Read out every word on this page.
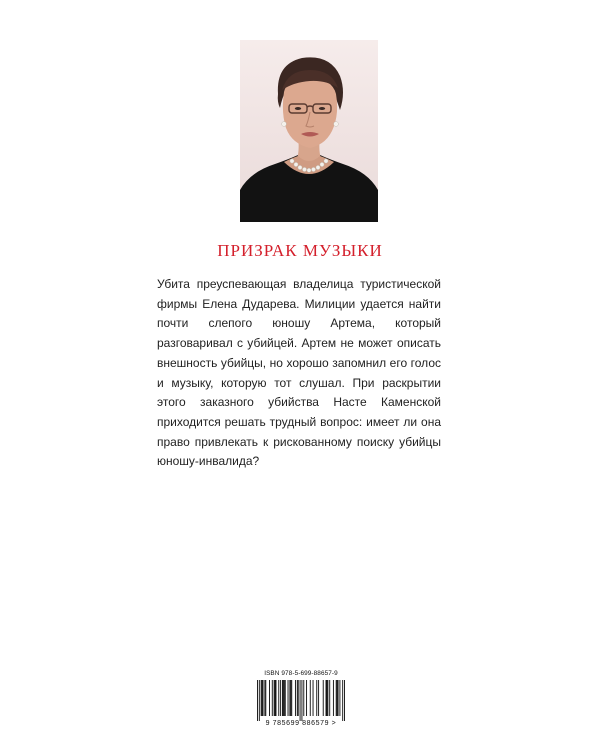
ПРИЗРАК МУЗЫКИ

Убита преуспевающая владелица туристической фирмы Елена Дударева. Милиции удается найти почти слепого юношу Артема, который разговаривал с убийцей. Артем не может описать внешность убийцы, но хорошо запомнил его голос и музыку, которую тот слушал. При раскрытии этого заказного убийства Насте Каменской приходится решать трудный вопрос: имеет ли она право привлекать к рискованному поиску убийцы юношу-инвалида?

ISBN 978-5-699-88657-9
9 785699 886579 >
